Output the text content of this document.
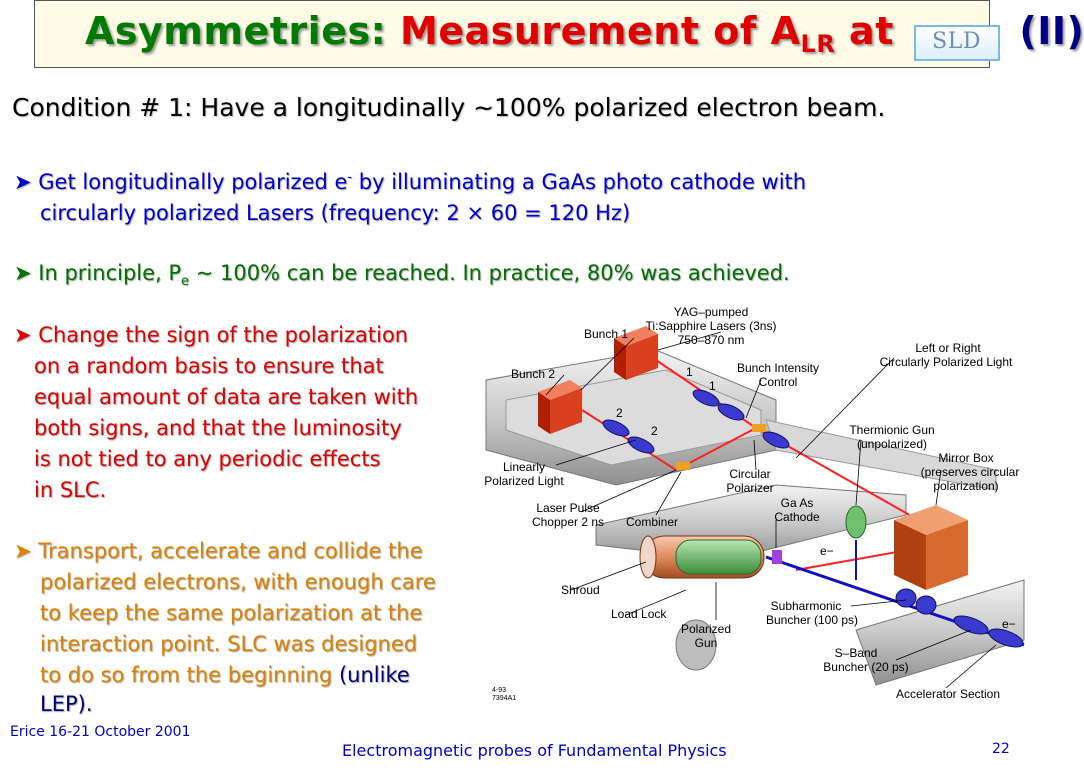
Asymmetries: Measurement of $A_{LR}$ at SLD (II)
Condition # 1: Have a longitudinally ~100% polarized electron beam.
➤ Get longitudinally polarized e- by illuminating a GaAs photo cathode with
circularly polarized Lasers (frequency: 2 × 60 = 120 Hz)
➤ In principle, $P_e$ ~ 100% can be reached. In practice, 80% was achieved.
➤ Change the sign of the polarization
on a random basis to ensure that
equal amount of data are taken with
both signs, and that the luminosity
is not tied to any periodic effects
in SLC.
➤ Transport, accelerate and collide the
polarized electrons, with enough care
to keep the same polarization at the
interaction point. SLC was designed
to do so from the beginning (unlike
LEP).
1
1
2
2
YAG–pumped
Ti:Sapphire Lasers (3ns)
750–870 nm
Bunch 1
Bunch 2	Bunch Intensity
Control
Left or Right
Circularly Polarized Light
Thermionic Gun
(unpolarized)
Mirror Box
(preserves circular
polarization)
Linearly
Polarized Light	Circular
Polarizer
Laser Pulse
Chopper 2 ns Combiner
Ga As
Cathode
e−
e−
Shroud
Load Lock
Polarized
Gun
Subharmonic
Buncher (100 ps)
S–Band
Buncher (20 ps)
Accelerator Section
4-93
7394A1
Erice 16-21 October 2001
Electromagnetic probes of Fundamental Physics	22
